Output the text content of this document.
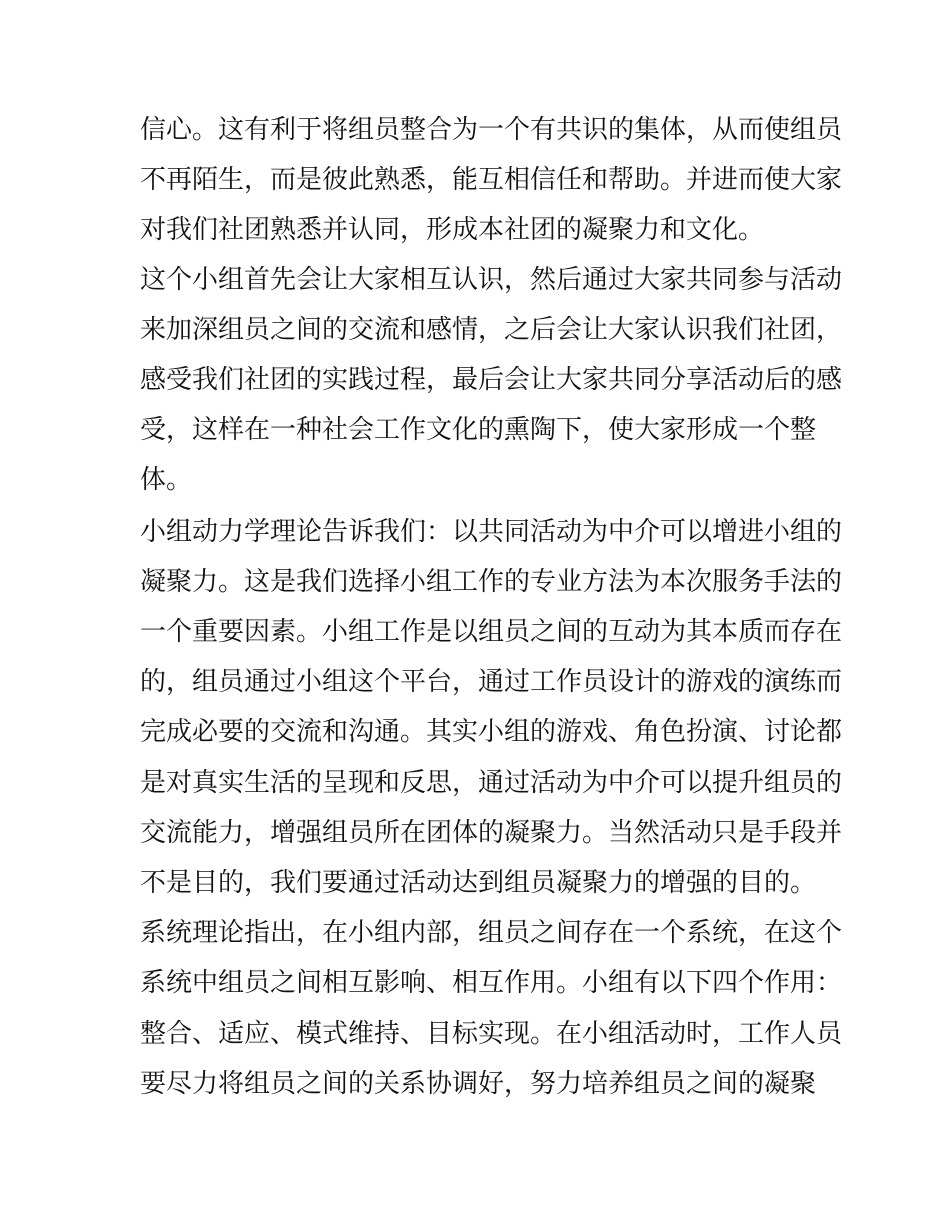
信心。这有利于将组员整合为一个有共识的集体，从而使组员
不再陌生，而是彼此熟悉，能互相信任和帮助。并进而使大家
对我们社团熟悉并认同，形成本社团的凝聚力和文化。
这个小组首先会让大家相互认识，然后通过大家共同参与活动
来加深组员之间的交流和感情，之后会让大家认识我们社团，
感受我们社团的实践过程，最后会让大家共同分享活动后的感
受，这样在一种社会工作文化的熏陶下，使大家形成一个整
体。
小组动力学理论告诉我们：以共同活动为中介可以增进小组的
凝聚力。这是我们选择小组工作的专业方法为本次服务手法的
一个重要因素。小组工作是以组员之间的互动为其本质而存在
的，组员通过小组这个平台，通过工作员设计的游戏的演练而
完成必要的交流和沟通。其实小组的游戏、角色扮演、讨论都
是对真实生活的呈现和反思，通过活动为中介可以提升组员的
交流能力，增强组员所在团体的凝聚力。当然活动只是手段并
不是目的，我们要通过活动达到组员凝聚力的增强的目的。
系统理论指出，在小组内部，组员之间存在一个系统，在这个
系统中组员之间相互影响、相互作用。小组有以下四个作用：
整合、适应、模式维持、目标实现。在小组活动时，工作人员
要尽力将组员之间的关系协调好，努力培养组员之间的凝聚
